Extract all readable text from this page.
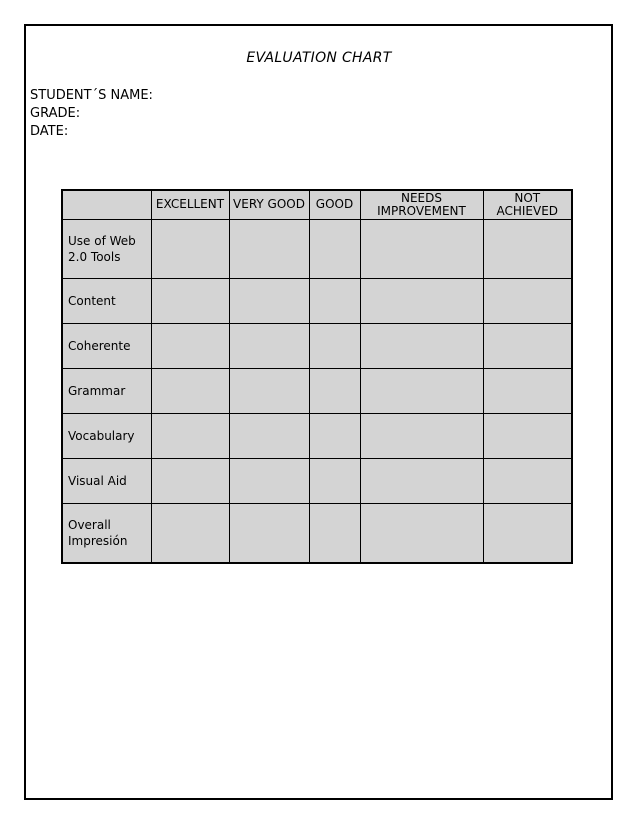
EVALUATION CHART
STUDENT´S NAME:
GRADE:
DATE:
	EXCELLENT	VERY GOOD	GOOD	NEEDS IMPROVEMENT	NOT ACHIEVED
Use of Web 2.0 Tools					
Content					
Coherente					
Grammar					
Vocabulary					
Visual Aid					
Overall Impresión					
